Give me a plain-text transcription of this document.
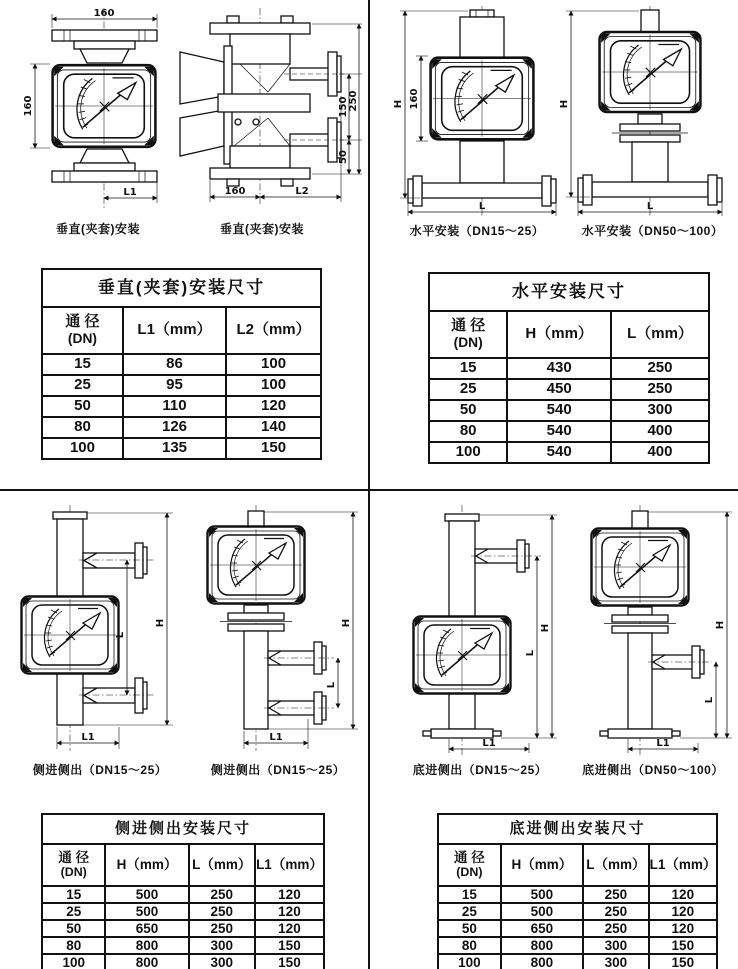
160
160
L1	160	L2
150
50
250
垂直(夹套)安装	垂直(夹套)安装
垂直(夹套)安装尺寸		
通 径
(DN)	L1（mm）	L2（mm）
15	86	100
25	95	100
50	110	120
80	126	140
100	135	150
H 160
L
H
L
水平安装（DN15～25）	水平安装（DN50～100）
水平安装尺寸		
通 径
(DN)	H（mm）	L（mm）
15	430	250
25	450	250
50	540	300
80	540	400
100	540	400
L
H
L1
L
H
L1
侧进侧出（DN15～25）	侧进侧出（DN15～25）
侧进侧出安装尺寸			
通 径
(DN)	H（mm）	L（mm）	L1（mm）
15	500	250	120
25	500	250	120
50	650	250	120
80	800	300	150
100	800	300	150
L
H
L1
L
H
L1
底进侧出（DN15～25）	底进侧出（DN50～100）
底进侧出安装尺寸			
通 径
(DN)	H（mm）	L（mm）	L1（mm）
15	500	250	120
25	500	250	120
50	650	250	120
80	800	300	150
100	800	300	150
